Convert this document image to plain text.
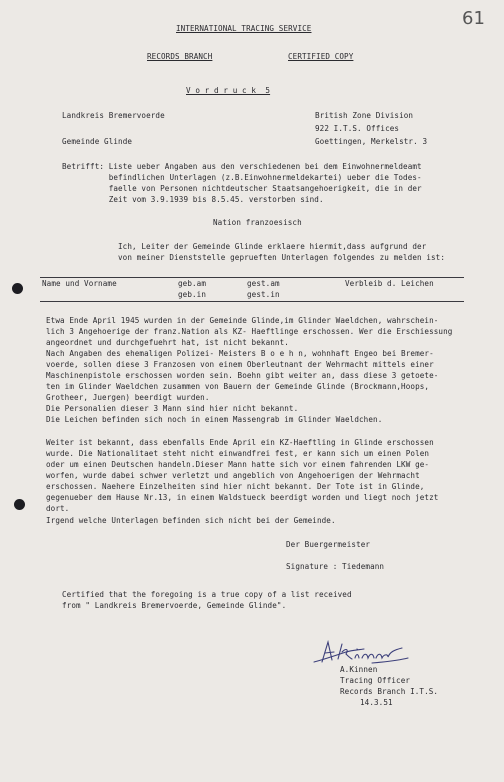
61
INTERNATIONAL TRACING SERVICE
RECORDS BRANCH	CERTIFIED COPY
V o r d r u c k  5
Landkreis Bremervoerde
Gemeinde Glinde
British Zone Division
922 I.T.S. Offices
Goettingen, Merkelstr. 3
Betrifft: Liste ueber Angaben aus den verschiedenen bei dem Einwohnermeldeamt
befindlichen Unterlagen (z.B.Einwohnermeldekartei) ueber die Todes-
faelle von Personen nichtdeutscher Staatsangehoerigkeit, die in der
Zeit vom 3.9.1939 bis 8.5.45. verstorben sind.
Nation franzoesisch
Ich, Leiter der Gemeinde Glinde erklaere hiermit,dass aufgrund der
von meiner Dienststelle geprueften Unterlagen folgendes zu melden ist:
Name und Vorname	geb.am
geb.in
gest.am
gest.in
Verbleib d. Leichen
Etwa Ende April 1945 wurden in der Gemeinde Glinde,im Glinder Waeldchen, wahrschein-
lich 3 Angehoerige der franz.Nation als KZ- Haeftlinge erschossen. Wer die Erschiessung
angeordnet und durchgefuehrt hat, ist nicht bekannt.
Nach Angaben des ehemaligen Polizei- Meisters B o e h n, wohnhaft Engeo bei Bremer-
voerde, sollen diese 3 Franzosen von einem Oberleutnant der Wehrmacht mittels einer
Maschinenpistole erschossen worden sein. Boehn gibt weiter an, dass diese 3 getoete-
ten im Glinder Waeldchen zusammen von Bauern der Gemeinde Glinde (Brockmann,Hoops,
Grotheer, Juergen) beerdigt wurden.
Die Personalien dieser 3 Mann sind hier nicht bekannt.
Die Leichen befinden sich noch in einem Massengrab im Glinder Waeldchen.
Weiter ist bekannt, dass ebenfalls Ende April ein KZ-Haeftling in Glinde erschossen
wurde. Die Nationalitaet steht nicht einwandfrei fest, er kann sich um einen Polen
oder um einen Deutschen handeln.Dieser Mann hatte sich vor einem fahrenden LKW ge-
worfen, wurde dabei schwer verletzt und angeblich von Angehoerigen der Wehrmacht
erschossen. Naehere Einzelheiten sind hier nicht bekannt. Der Tote ist in Glinde,
gegenueber dem Hause Nr.13, in einem Waldstueck beerdigt worden und liegt noch jetzt
dort.
Irgend welche Unterlagen befinden sich nicht bei der Gemeinde.
Der Buergermeister
Signature : Tiedemann
Certified that the foregoing is a true copy of a list received
from " Landkreis Bremervoerde, Gemeinde Glinde".
A.Kinnen
Tracing Officer
Records Branch I.T.S.
14.3.51
